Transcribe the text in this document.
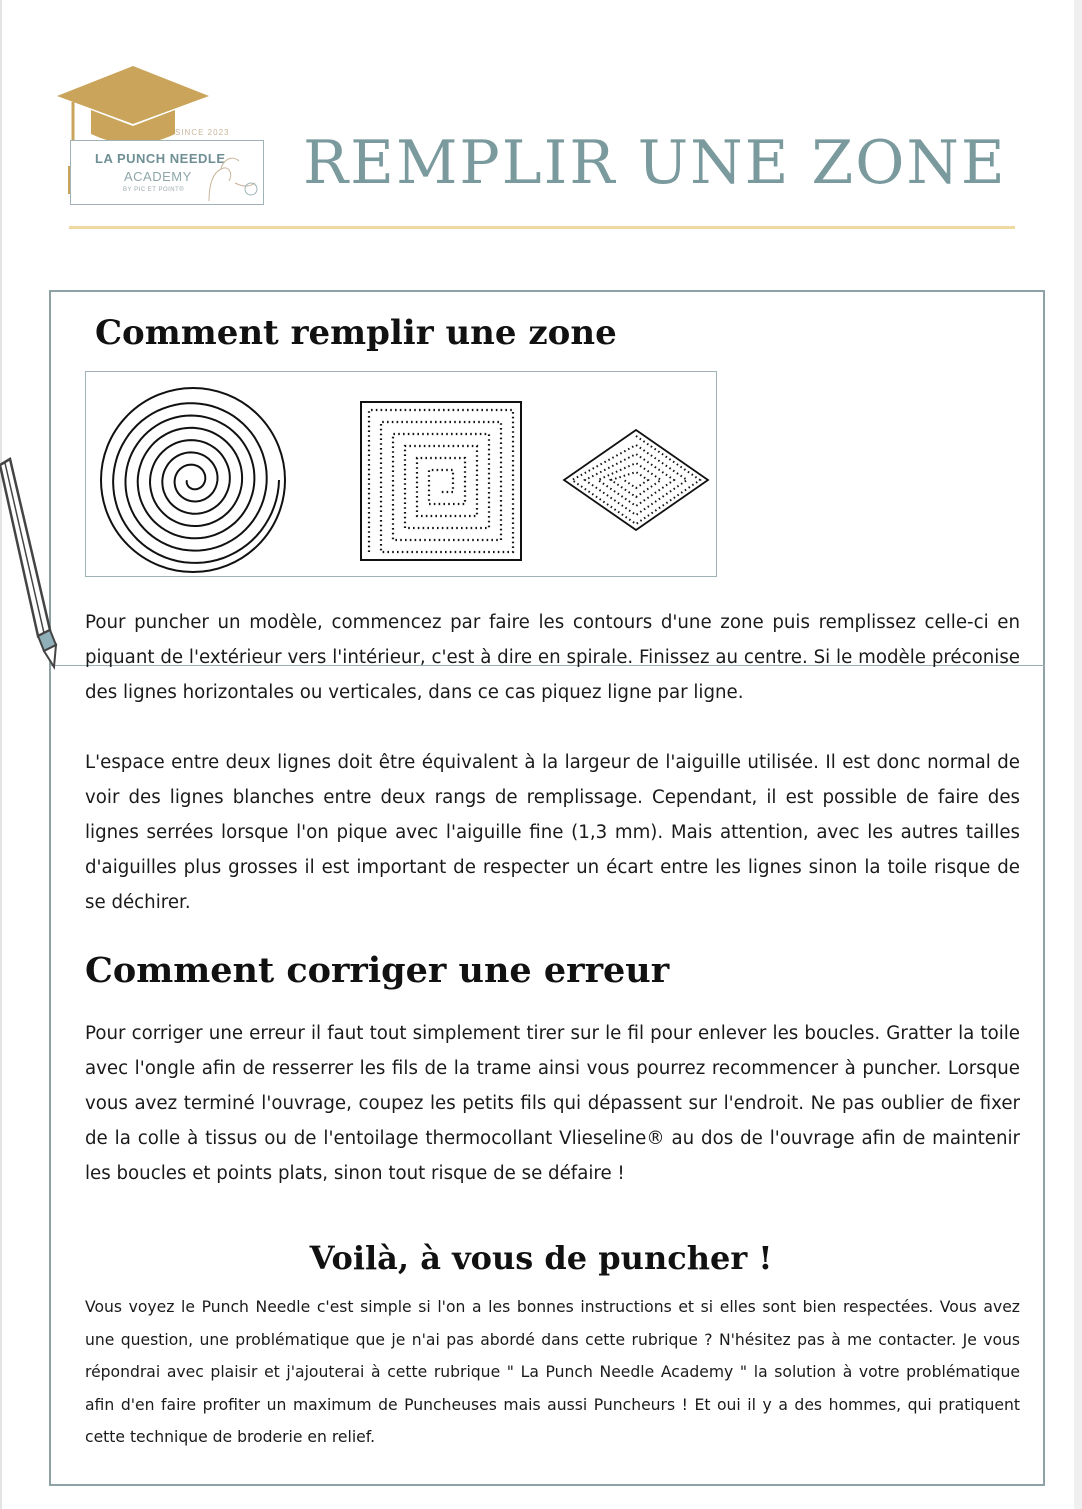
SINCE 2023
LA PUNCH NEEDLE
ACADEMY
BY PIC ET POINT® REMPLIR UNE ZONE
Comment remplir une zone

Pour puncher un modèle, commencez par faire les contours d'une zone puis remplissez celle-ci en piquant de l'extérieur vers l'intérieur, c'est à dire en spirale. Finissez au centre. Si le modèle préconise des lignes horizontales ou verticales, dans ce cas piquez ligne par ligne.

L'espace entre deux lignes doit être équivalent à la largeur de l'aiguille utilisée. Il est donc normal de voir des lignes blanches entre deux rangs de remplissage. Cependant, il est possible de faire des lignes serrées lorsque l'on pique avec l'aiguille fine (1,3 mm). Mais attention, avec les autres tailles d'aiguilles plus grosses il est important de respecter un écart entre les lignes sinon la toile risque de se déchirer.

Comment corriger une erreur

Pour corriger une erreur il faut tout simplement tirer sur le fil pour enlever les boucles. Gratter la toile avec l'ongle afin de resserrer les fils de la trame ainsi vous pourrez recommencer à puncher. Lorsque vous avez terminé l'ouvrage, coupez les petits fils qui dépassent sur l'endroit. Ne pas oublier de fixer de la colle à tissus ou de l'entoilage thermocollant Vlieseline® au dos de l'ouvrage afin de maintenir les boucles et points plats, sinon tout risque de se défaire !

Voilà, à vous de puncher !

Vous voyez le Punch Needle c'est simple si l'on a les bonnes instructions et si elles sont bien respectées. Vous avez une question, une problématique que je n'ai pas abordé dans cette rubrique ? N'hésitez pas à me contacter. Je vous répondrai avec plaisir et j'ajouterai à cette rubrique " La Punch Needle Academy " la solution à votre problématique afin d'en faire profiter un maximum de Puncheuses mais aussi Puncheurs ! Et oui il y a des hommes, qui pratiquent cette technique de broderie en relief.
